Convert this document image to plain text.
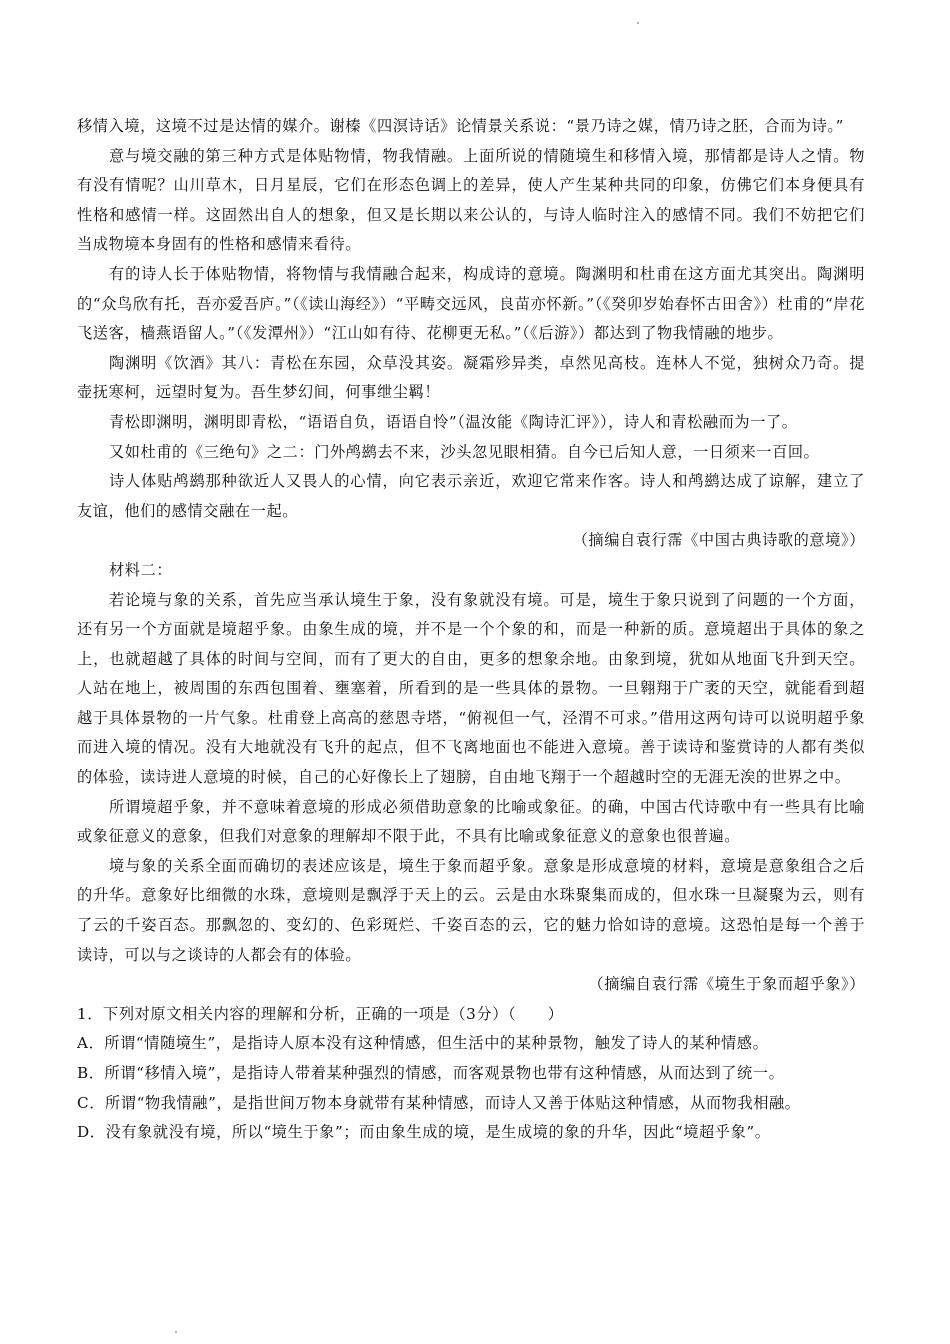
移情入境，这境不过是达情的媒介。谢榛《四溟诗话》论情景关系说：“景乃诗之媒，情乃诗之胚，合而为诗。”

意与境交融的第三种方式是体贴物情，物我情融。上面所说的情随境生和移情入境，那情都是诗人之情。物有没有情呢？山川草木，日月星辰，它们在形态色调上的差异，使人产生某种共同的印象，仿佛它们本身便具有性格和感情一样。这固然出自人的想象，但又是长期以来公认的，与诗人临时注入的感情不同。我们不妨把它们当成物境本身固有的性格和感情来看待。

有的诗人长于体贴物情，将物情与我情融合起来，构成诗的意境。陶渊明和杜甫在这方面尤其突出。陶渊明的“众鸟欣有托，吾亦爱吾庐。”（《读山海经》）“平畴交远风，良苗亦怀新。”（《癸卯岁始春怀古田舍》）杜甫的“岸花飞送客，樯燕语留人。”（《发潭州》）“江山如有待、花柳更无私。”（《后游》）都达到了物我情融的地步。

陶渊明《饮酒》其八：青松在东园，众草没其姿。凝霜殄异类，卓然见高枝。连林人不觉，独树众乃奇。提壶抚寒柯，远望时复为。吾生梦幻间，何事绁尘羁！

青松即渊明，渊明即青松，“语语自负，语语自怜”（温汝能《陶诗汇评》），诗人和青松融而为一了。

又如杜甫的《三绝句》之二：门外鸬鹚去不来，沙头忽见眼相猜。自今已后知人意，一日须来一百回。

诗人体贴鸬鹚那种欲近人又畏人的心情，向它表示亲近，欢迎它常来作客。诗人和鸬鹚达成了谅解，建立了友谊，他们的感情交融在一起。

（摘编自袁行霈《中国古典诗歌的意境》）

材料二：

若论境与象的关系，首先应当承认境生于象，没有象就没有境。可是，境生于象只说到了问题的一个方面，还有另一个方面就是境超乎象。由象生成的境，并不是一个个象的和，而是一种新的质。意境超出于具体的象之上，也就超越了具体的时间与空间，而有了更大的自由，更多的想象余地。由象到境，犹如从地面飞升到天空。人站在地上，被周围的东西包围着、壅塞着，所看到的是一些具体的景物。一旦翱翔于广袤的天空，就能看到超越于具体景物的一片气象。杜甫登上高高的慈恩寺塔，“俯视但一气，泾渭不可求。”借用这两句诗可以说明超乎象而进入境的情况。没有大地就没有飞升的起点，但不飞离地面也不能进入意境。善于读诗和鉴赏诗的人都有类似的体验，读诗进人意境的时候，自己的心好像长上了翅膀，自由地飞翔于一个超越时空的无涯无涘的世界之中。

所谓境超乎象，并不意味着意境的形成必须借助意象的比喻或象征。的确，中国古代诗歌中有一些具有比喻或象征意义的意象，但我们对意象的理解却不限于此，不具有比喻或象征意义的意象也很普遍。

境与象的关系全面而确切的表述应该是，境生于象而超乎象。意象是形成意境的材料，意境是意象组合之后的升华。意象好比细微的水珠，意境则是飘浮于天上的云。云是由水珠聚集而成的，但水珠一旦凝聚为云，则有了云的千姿百态。那飘忽的、变幻的、色彩斑烂、千姿百态的云，它的魅力恰如诗的意境。这恐怕是每一个善于读诗，可以与之谈诗的人都会有的体验。

（摘编自袁行霈《境生于象而超乎象》）

1．下列对原文相关内容的理解和分析，正确的一项是（3分）（　　）

A．所谓“情随境生”，是指诗人原本没有这种情感，但生活中的某种景物，触发了诗人的某种情感。

B．所谓“移情入境”，是指诗人带着某种强烈的情感，而客观景物也带有这种情感，从而达到了统一。

C．所谓“物我情融”，是指世间万物本身就带有某种情感，而诗人又善于体贴这种情感，从而物我相融。

D．没有象就没有境，所以“境生于象”；而由象生成的境，是生成境的象的升华，因此“境超乎象”。
